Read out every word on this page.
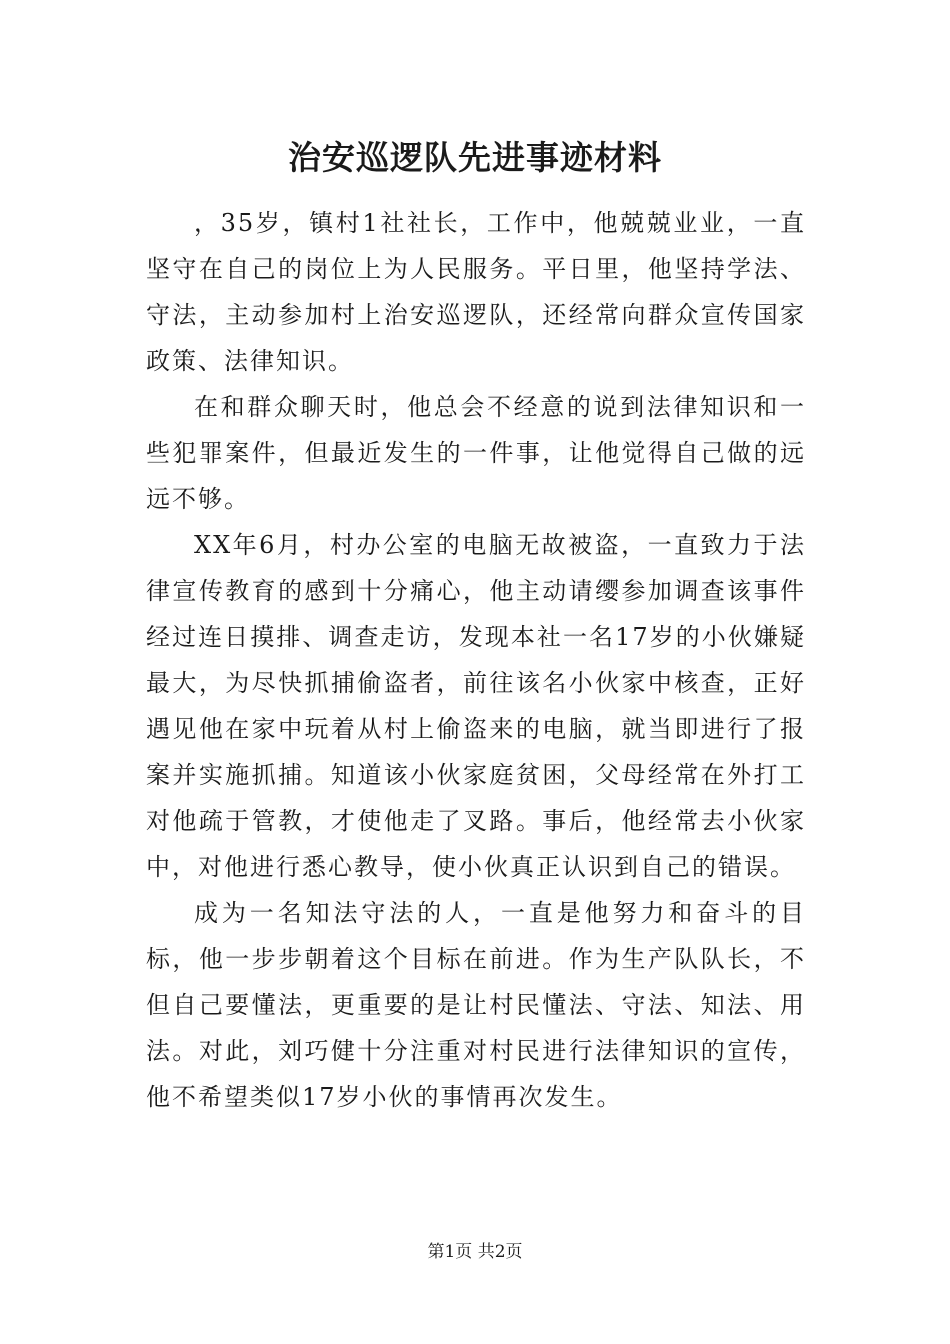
治安巡逻队先进事迹材料

，35岁，镇村1社社长，工作中，他兢兢业业，一直坚守在自己的岗位上为人民服务。平日里，他坚持学法、守法，主动参加村上治安巡逻队，还经常向群众宣传国家政策、法律知识。

在和群众聊天时，他总会不经意的说到法律知识和一些犯罪案件，但最近发生的一件事，让他觉得自己做的远远不够。

XX年6月，村办公室的电脑无故被盗，一直致力于法律宣传教育的感到十分痛心，他主动请缨参加调查该事件经过连日摸排、调查走访，发现本社一名17岁的小伙嫌疑最大，为尽快抓捕偷盗者，前往该名小伙家中核查，正好遇见他在家中玩着从村上偷盗来的电脑，就当即进行了报案并实施抓捕。知道该小伙家庭贫困，父母经常在外打工对他疏于管教，才使他走了叉路。事后，他经常去小伙家中，对他进行悉心教导，使小伙真正认识到自己的错误。

成为一名知法守法的人，一直是他努力和奋斗的目标，他一步步朝着这个目标在前进。作为生产队队长，不但自己要懂法，更重要的是让村民懂法、守法、知法、用法。对此，刘巧健十分注重对村民进行法律知识的宣传，他不希望类似17岁小伙的事情再次发生。

第1页 共2页
